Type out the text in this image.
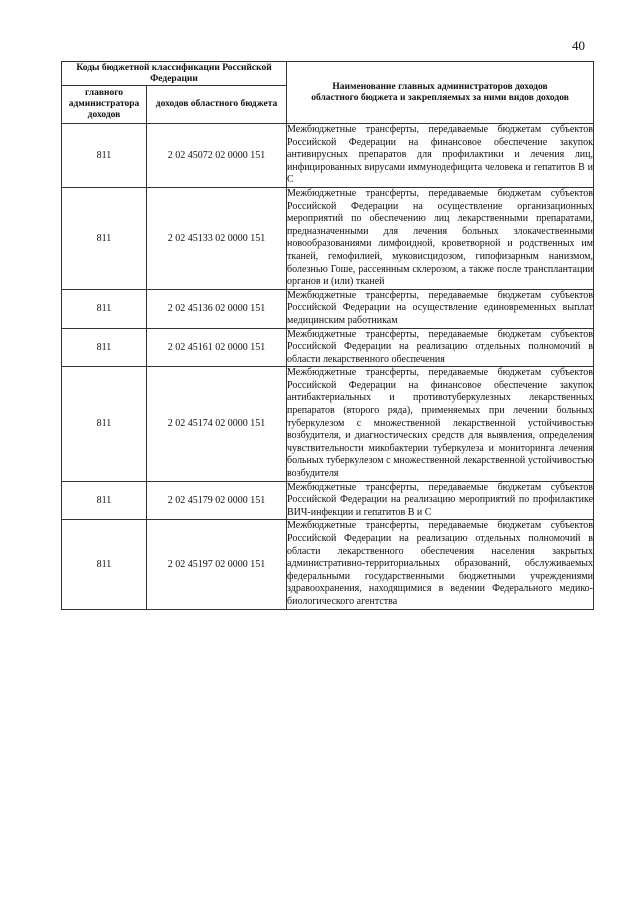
40
Коды бюджетной классификации Российской Федерации		Наименование главных администраторов доходов областного бюджета и закрепляемых за ними видов доходов
главного администратора доходов	доходов областного бюджета	
811	2 02 45072 02 0000 151	Межбюджетные трансферты, передаваемые бюджетам субъектов Российской Федерации на финансовое обеспечение закупок антивирусных препаратов для профилактики и лечения лиц, инфицированных вирусами иммунодефицита человека и гепатитов В и С
811	2 02 45133 02 0000 151	Межбюджетные трансферты, передаваемые бюджетам субъектов Российской Федерации на осуществление организационных мероприятий по обеспечению лиц лекарственными препаратами, предназначенными для лечения больных злокачественными новообразованиями лимфоидной, кроветворной и родственных им тканей, гемофилией, муковисцидозом, гипофизарным нанизмом, болезнью Гоше, рассеянным склерозом, а также после трансплантации органов и (или) тканей
811	2 02 45136 02 0000 151	Межбюджетные трансферты, передаваемые бюджетам субъектов Российской Федерации на осуществление единовременных выплат медицинским работникам
811	2 02 45161 02 0000 151	Межбюджетные трансферты, передаваемые бюджетам субъектов Российской Федерации на реализацию отдельных полномочий в области лекарственного обеспечения
811	2 02 45174 02 0000 151	Межбюджетные трансферты, передаваемые бюджетам субъектов Российской Федерации на финансовое обеспечение закупок антибактериальных и противотуберкулезных лекарственных препаратов (второго ряда), применяемых при лечении больных туберкулезом с множественной лекарственной устойчивостью возбудителя, и диагностических средств для выявления, определения чувствительности микобактерии туберкулеза и мониторинга лечения больных туберкулезом с множественной лекарственной устойчивостью возбудителя
811	2 02 45179 02 0000 151	Межбюджетные трансферты, передаваемые бюджетам субъектов Российской Федерации на реализацию мероприятий по профилактике ВИЧ-инфекции и гепатитов В и С
811	2 02 45197 02 0000 151	Межбюджетные трансферты, передаваемые бюджетам субъектов Российской Федерации на реализацию отдельных полномочий в области лекарственного обеспечения населения закрытых административно-территориальных образований, обслуживаемых федеральными государственными бюджетными учреждениями здравоохранения, находящимися в ведении Федерального медико-биологического агентства
